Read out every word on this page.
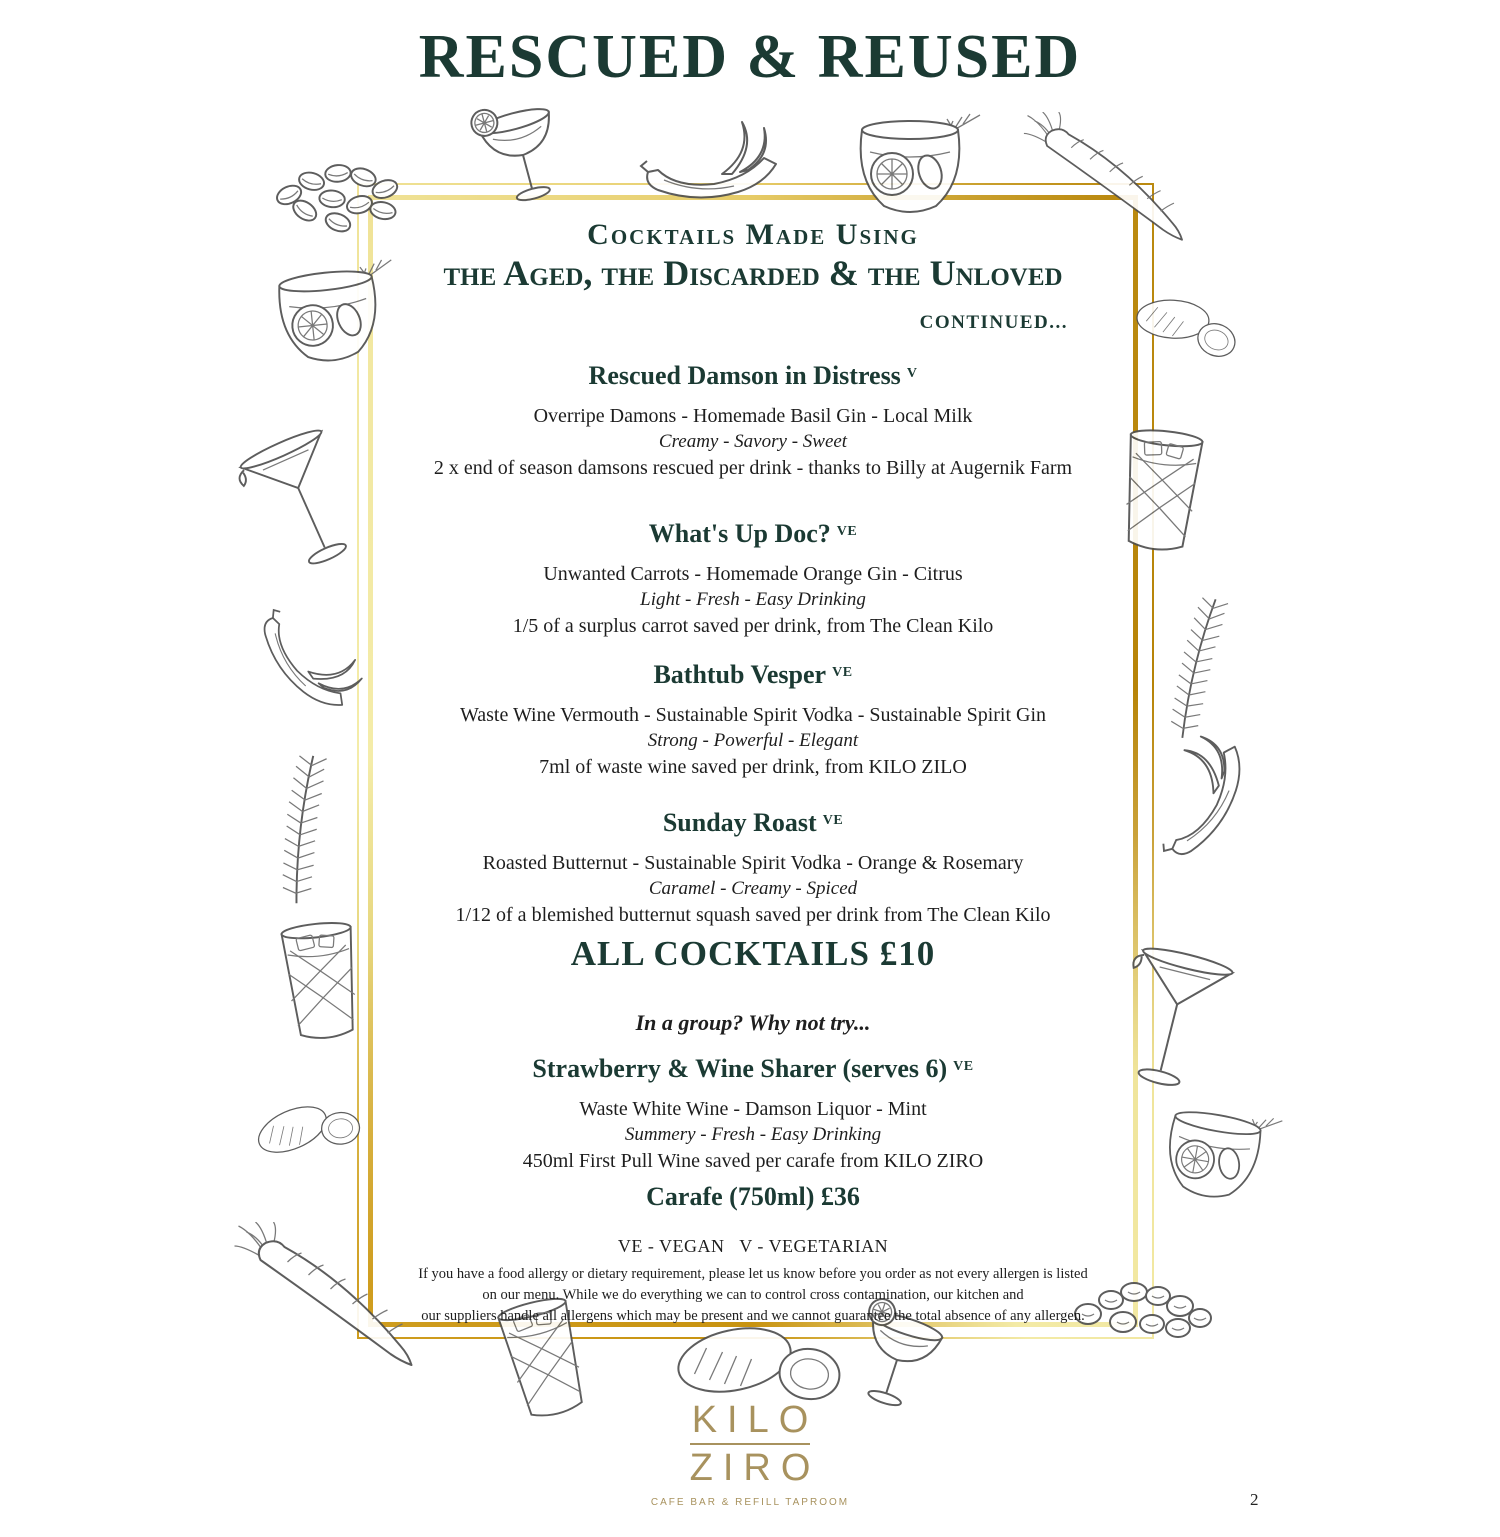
RESCUED & REUSED
Cocktails Made Using
the Aged, the Discarded & the Unloved
CONTINUED...
Rescued Damson in Distress $^V$

Overripe Damons - Homemade Basil Gin - Local Milk

Creamy - Savory - Sweet

2 x end of season damsons rescued per drink - thanks to Billy at Augernik Farm

What's Up Doc? $^{VE}$

Unwanted Carrots - Homemade Orange Gin - Citrus

Light - Fresh - Easy Drinking

1/5 of a surplus carrot saved per drink, from The Clean Kilo

Bathtub Vesper $^{VE}$

Waste Wine Vermouth - Sustainable Spirit Vodka - Sustainable Spirit Gin

Strong - Powerful - Elegant

7ml of waste wine saved per drink, from KILO ZILO

Sunday Roast $^{VE}$

Roasted Butternut - Sustainable Spirit Vodka - Orange & Rosemary

Caramel - Creamy - Spiced

1/12 of a blemished butternut squash saved per drink from The Clean Kilo

ALL COCKTAILS £10
In a group? Why not try...
Strawberry & Wine Sharer (serves 6) $^{VE}$

Waste White Wine - Damson Liquor - Mint

Summery - Fresh - Easy Drinking

450ml First Pull Wine saved per carafe from KILO ZIRO

Carafe (750ml) £36
VE - VEGAN   V - VEGETARIAN
If you have a food allergy or dietary requirement, please let us know before you order as not every allergen is listed
on our menu. While we do everything we can to control cross contamination, our kitchen and
our suppliers handle all allergens which may be present and we cannot guarantee the total absence of any allergen.
KILO
ZIRO
CAFE BAR & REFILL TAPROOM	2
